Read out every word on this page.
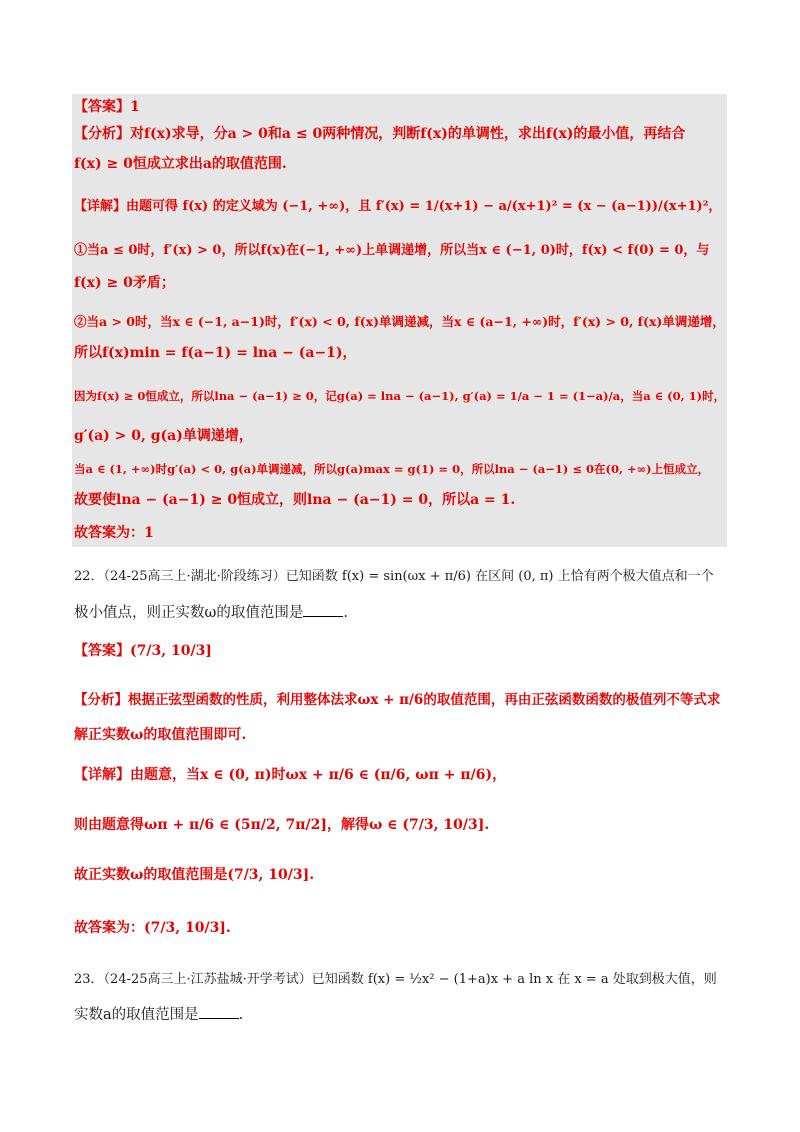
【答案】1
【分析】对f(x)求导，分a > 0和a ≤ 0两种情况，判断f(x)的单调性，求出f(x)的最小值，再结合
f(x) ≥ 0恒成立求出a的取值范围.
【详解】由题可得 f(x) 的定义域为 (−1, +∞)，且 f′(x) = 1/(x+1) − a/(x+1)² = (x − (a−1))/(x+1)²，
①当a ≤ 0时，f′(x) > 0，所以f(x)在(−1, +∞)上单调递增，所以当x ∈ (−1, 0)时，f(x) < f(0) = 0，与
f(x) ≥ 0矛盾；
②当a > 0时，当x ∈ (−1, a−1)时，f′(x) < 0, f(x)单调递减，当x ∈ (a−1, +∞)时，f′(x) > 0, f(x)单调递增，
所以f(x)min = f(a−1) = lna − (a−1)，
因为f(x) ≥ 0恒成立，所以lna − (a−1) ≥ 0，记g(a) = lna − (a−1), g′(a) = 1/a − 1 = (1−a)/a，当a ∈ (0, 1)时，
g′(a) > 0, g(a)单调递增，
当a ∈ (1, +∞)时g′(a) < 0, g(a)单调递减，所以g(a)max = g(1) = 0，所以lna − (a−1) ≤ 0在(0, +∞)上恒成立，
故要使lna − (a−1) ≥ 0恒成立，则lna − (a−1) = 0，所以a = 1.
故答案为：1
22．（24-25高三上·湖北·阶段练习）已知函数 f(x) = sin(ωx + π/6) 在区间 (0, π) 上恰有两个极大值点和一个
极小值点，则正实数ω的取值范围是	.
【答案】(7/3, 10/3]
【分析】根据正弦型函数的性质，利用整体法求ωx + π/6的取值范围，再由正弦函数函数的极值列不等式求
解正实数ω的取值范围即可.
【详解】由题意，当x ∈ (0, π)时ωx + π/6 ∈ (π/6, ωπ + π/6)，
则由题意得ωπ + π/6 ∈ (5π/2, 7π/2]，解得ω ∈ (7/3, 10/3].
故正实数ω的取值范围是(7/3, 10/3].
故答案为：(7/3, 10/3].
23．（24-25高三上·江苏盐城·开学考试）已知函数 f(x) = ½x² − (1+a)x + a ln x 在 x = a 处取到极大值，则
实数a的取值范围是	.
